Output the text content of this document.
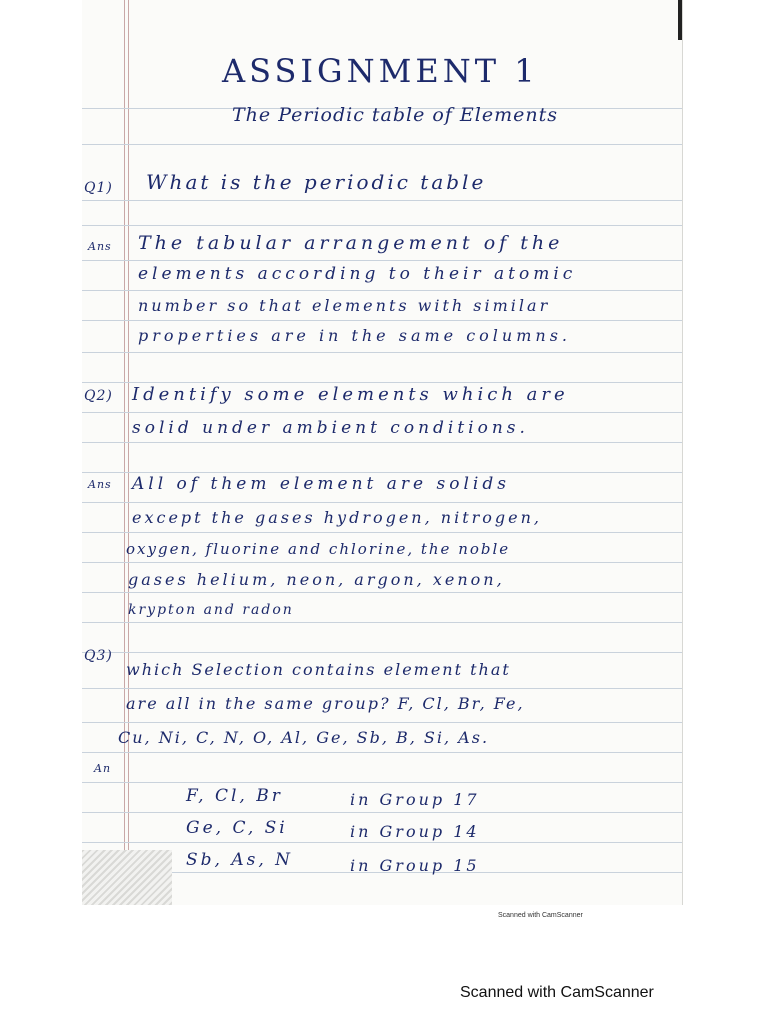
ASSIGNMENT 1
The Periodic table of Elements
Q1) What is the periodic table
Ans The tabular arrangement of the
elements according to their atomic
number so that elements with similar
properties are in the same columns.
Q2) Identify some elements which are
solid under ambient conditions.
Ans All of them element are solids
except the gases hydrogen, nitrogen,
oxygen, fluorine and chlorine, the noble
gases helium, neon, argon, xenon,
krypton and radon
Q3)
which Selection contains element that
are all in the same group? F, Cl, Br, Fe,
Cu, Ni, C, N, O, Al, Ge, Sb, B, Si, As.
An
F, Cl, Br	in Group 17
Ge, C, Si	in Group 14
Sb, As, N	in Group 15
Scanned with CamScanner
Scanned with CamScanner
